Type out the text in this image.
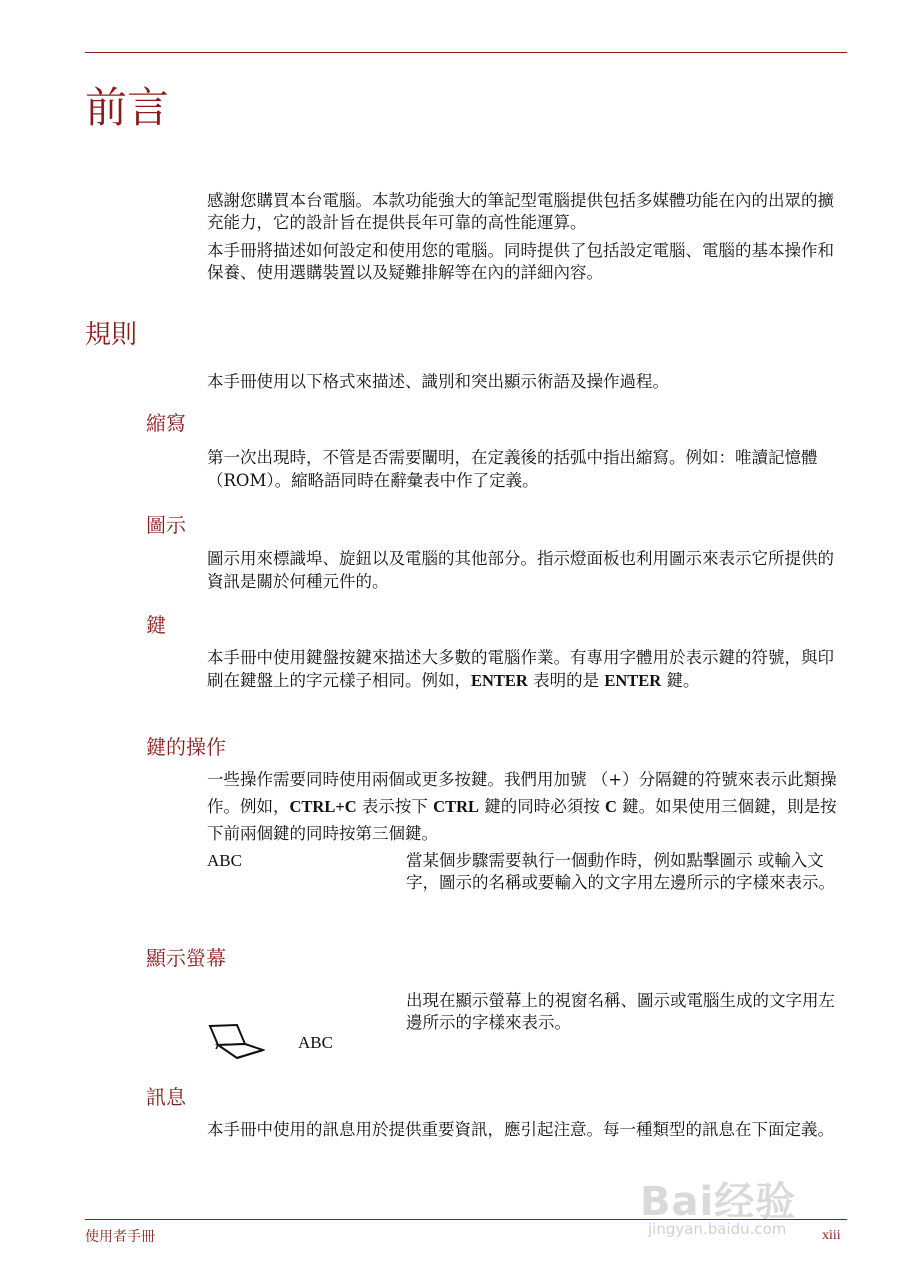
前言

感謝您購買本台電腦。本款功能強大的筆記型電腦提供包括多媒體功能在內的出眾的擴充能力，它的設計旨在提供長年可靠的高性能運算。

本手冊將描述如何設定和使用您的電腦。同時提供了包括設定電腦、電腦的基本操作和保養、使用選購裝置以及疑難排解等在內的詳細內容。

規則

本手冊使用以下格式來描述、識別和突出顯示術語及操作過程。

縮寫

第一次出現時，不管是否需要闡明，在定義後的括弧中指出縮寫。例如：唯讀記憶體 （ROM）。縮略語同時在辭彙表中作了定義。

圖示

圖示用來標識埠、旋鈕以及電腦的其他部分。指示燈面板也利用圖示來表示它所提供的資訊是關於何種元件的。

鍵

本手冊中使用鍵盤按鍵來描述大多數的電腦作業。有專用字體用於表示鍵的符號，與印刷在鍵盤上的字元樣子相同。例如，ENTER 表明的是 ENTER 鍵。

鍵的操作

一些操作需要同時使用兩個或更多按鍵。我們用加號 （+）分隔鍵的符號來表示此類操作。例如，CTRL+C 表示按下 CTRL 鍵的同時必須按 C 鍵。如果使用三個鍵，則是按下前兩個鍵的同時按第三個鍵。

ABC	當某個步驟需要執行一個動作時，例如點擊圖示 或輸入文字，圖示的名稱或要輸入的文字用左邊所示的字樣來表示。

顯示螢幕

出現在顯示螢幕上的視窗名稱、圖示或電腦生成的文字用左邊所示的字樣來表示。

ABC

訊息

本手冊中使用的訊息用於提供重要資訊，應引起注意。每一種類型的訊息在下面定義。

Bai经验
jingyan.baidu.com
使用者手冊	xiii
